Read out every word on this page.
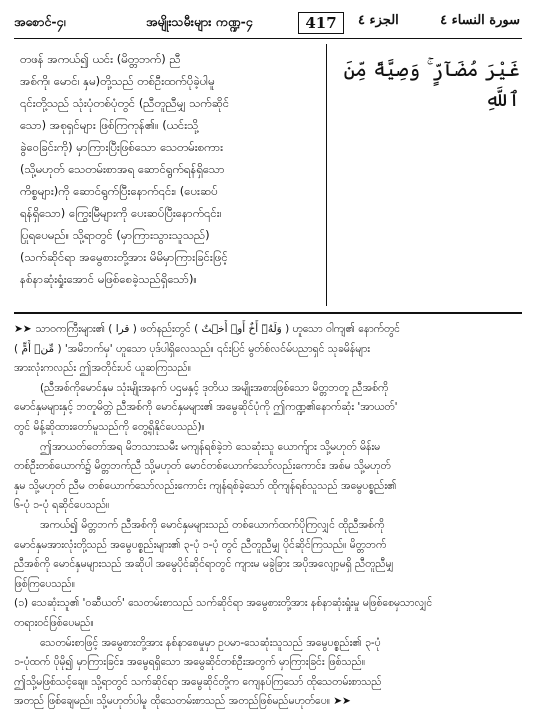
အစောင်-၄၊	အမျိုးသမီးများ ကဏ္ဍ-၄	417	الجزء ٤	سورة النساء ٤
တဖန် အကယ်၍ ယင်း (မိတ္တဘက်) ညီ
အစ်ကို၊ မောင်၊ နှမ)တို့သည် တစ်ဦးထက်ပိုခဲ့ပါမူ
၎င်းတို့သည် သုံးပုံတစ်ပုံတွင် (ညီတူညီမျှ သက်ဆိုင်
သော) အစုရှင်များ ဖြစ်ကြကုန်၏။ (ယင်းသို့
ခွဲဝေခြင်းကို) မှာကြားပြီးဖြစ်သော သေတမ်းစကား
(သို့မဟုတ် သေတမ်းစာအရ ဆောင်ရွက်ရန်ရှိသော
ကိစ္စများ)ကို ဆောင်ရွက်ပြီးနောက်၎င်း၊ (ပေးဆပ်
ရန်ရှိသော) ကြွေးမြီများကို ပေးဆပ်ပြီးနောက်၎င်း၊
ပြုရပေမည်။ သို့ရာတွင် (မှာကြားသွားသူသည်)
(သက်ဆိုင်ရာ အမွေစားတို့အား မိမိမှာကြားခြင်းဖြင့်
နစ်နာဆုံးရှုံးအောင် မဖြစ်စေခဲ့သည်ရှိသော်)။
غَيْرَ مُضَآرٍّ ۚ وَصِيَّةً مِّنَ ٱللَّهِ
➤➤ သာဝကကြီးများ၏ ( قرا ) ဖတ်နည်းတွင် ( وَلَهُۥٓ أَخٌ أَوۡ أُخۡتٌ ) ဟူသော ဝါကျ၏ နောက်တွင်
( مِّنۡ أُمٍّ ) 'အမိဘက်မှ' ဟူသော ပုဒ်ပါရှိလေသည်။ ၎င်းပြင် မွတ်စ်လင်မ်ပညာရှင် သုခမိန်များ
အားလုံးကလည်း ဤအတိုင်းပင် ယူဆကြသည်။
(ညီအစ်ကိုမောင်နှမ သုံးမျိုးအနက် ပဌမနှင့် ဒုတိယ အမျိုးအစားဖြစ်သော မိတ္တဘတူ ညီအစ်ကို
မောင်နှမများနှင့် ဘတူမိတ္တဲ ညီအစ်ကို မောင်နှမများ၏ အမွေဆိုင်ပုံကို ဤကဏ္ဍ၏နောက်ဆုံး 'အာယတ်'
တွင် မိန့်ဆိုထားတော်မူသည်ကို တွေ့ရှိနိုင်ပေသည်)။
ဤအာယတ်တော်အရ မိဘသားသမီး မကျန်ရစ်ခဲ့ဘဲ သေဆုံးသူ ယောက်ျား သို့မဟုတ် မိန်းမ
တစ်ဦးတစ်ယောက်၌ မိတ္တဘက်ညီ သို့မဟုတ် မောင်တစ်ယောက်သော်လည်းကောင်း၊ အစ်မ သို့မဟုတ်
နှမ သို့မဟုတ် ညီမ တစ်ယောက်သော်လည်းကောင်း ကျန်ရစ်ခဲ့သော် ထိုကျန်ရစ်သူသည် အမွေပစ္စည်း၏
၆-ပုံ ၁-ပုံ ရဆိုင်ပေသည်။
အကယ်၍ မိတ္တဘက် ညီအစ်ကို မောင်နှမများသည် တစ်ယောက်ထက်ပိုကြလျှင် ထိုညီအစ်ကို
မောင်နှမအားလုံးတို့သည် အမွေပစ္စည်းများ၏ ၃-ပုံ ၁-ပုံ တွင် ညီတူညီမျှ ပိုင်ဆိုင်ကြသည်။ မိတ္တဘက်
ညီအစ်ကို မောင်နှမများသည် အဆိုပါ အမွေပိုင်ဆိုင်ရာတွင် ကျားမ မခွဲခြား အပိုအလျော့မရှိ ညီတူညီမျှ
ဖြစ်ကြပေသည်။
(၁) သေဆုံးသူ၏ 'ဝဆီယတ်' သေတမ်းစာသည် သက်ဆိုင်ရာ အမွေစားတို့အား နစ်နာဆုံးရှုံးမှု မဖြစ်စေမှသာလျှင်
တရားဝင်ဖြစ်ပေမည်။
သေတမ်းစာဖြင့် အမွေစားတို့အား နစ်နာစေမှုမှာ ဥပမာ-သေဆုံးသူသည် အမွေပစ္စည်း၏ ၃-ပုံ
၁-ပုံထက် ပိုမို၍ မှာကြားခြင်း၊ အမွေရရှိသော အမွေဆိုင်တစ်ဦးအတွက် မှာကြားခြင်း ဖြစ်သည်။
ဤသို့မဖြစ်သင့်ချေ။ သို့ရာတွင် သက်ဆိုင်ရာ အမွေဆိုင်တို့က ကျေနပ်ကြသော် ထိုသေတမ်းစာသည်
အတည် ဖြစ်ချေမည်။ သို့မဟုတ်ပါမူ ထိုသေတမ်းစာသည် အတည်ဖြစ်မည်မဟုတ်ပေ။ ➤➤
